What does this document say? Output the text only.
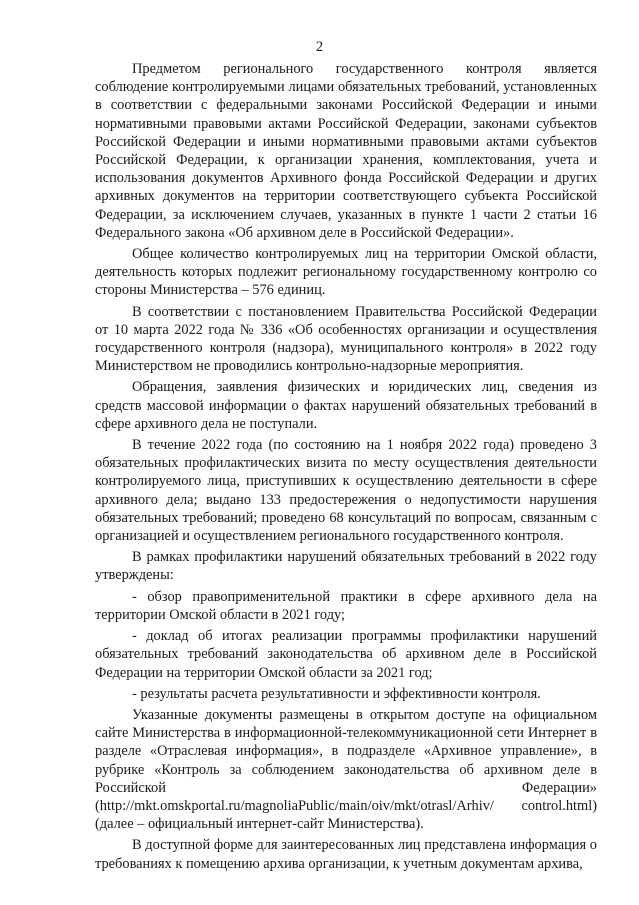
2

Предметом регионального государственного контроля является соблюдение контролируемыми лицами обязательных требований, установленных в соответствии с федеральными законами Российской Федерации и иными нормативными правовыми актами Российской Федерации, законами субъектов Российской Федерации и иными нормативными правовыми актами субъектов Российской Федерации, к организации хранения, комплектования, учета и использования документов Архивного фонда Российской Федерации и других архивных документов на территории соответствующего субъекта Российской Федерации, за исключением случаев, указанных в пункте 1 части 2 статьи 16 Федерального закона «Об архивном деле в Российской Федерации».

Общее количество контролируемых лиц на территории Омской области, деятельность которых подлежит региональному государственному контролю со стороны Министерства – 576 единиц.

В соответствии с постановлением Правительства Российской Федерации от 10 марта 2022 года № 336 «Об особенностях организации и осуществления государственного контроля (надзора), муниципального контроля» в 2022 году Министерством не проводились контрольно-надзорные мероприятия.

Обращения, заявления физических и юридических лиц, сведения из средств массовой информации о фактах нарушений обязательных требований в сфере архивного дела не поступали.

В течение 2022 года (по состоянию на 1 ноября 2022 года) проведено 3 обязательных профилактических визита по месту осуществления деятельности контролируемого лица, приступивших к осуществлению деятельности в сфере архивного дела; выдано 133 предостережения о недопустимости нарушения обязательных требований; проведено 68 консультаций по вопросам, связанным с организацией и осуществлением регионального государственного контроля.

В рамках профилактики нарушений обязательных требований в 2022 году утверждены:

- обзор правоприменительной практики в сфере архивного дела на территории Омской области в 2021 году;

- доклад об итогах реализации программы профилактики нарушений обязательных требований законодательства об архивном деле в Российской Федерации на территории Омской области за 2021 год;

- результаты расчета результативности и эффективности контроля.

Указанные документы размещены в открытом доступе на официальном сайте Министерства в информационной-телекоммуникационной сети Интернет в разделе «Отраслевая информация», в подразделе «Архивное управление», в рубрике «Контроль за соблюдением законодательства об архивном деле в Российской Федерации» (http://mkt.omskportal.ru/magnoliaPublic/main/oiv/mkt/otrasl/Arhiv/ control.html) (далее – официальный интернет-сайт Министерства).

В доступной форме для заинтересованных лиц представлена информация о требованиях к помещению архива организации, к учетным документам архива,
